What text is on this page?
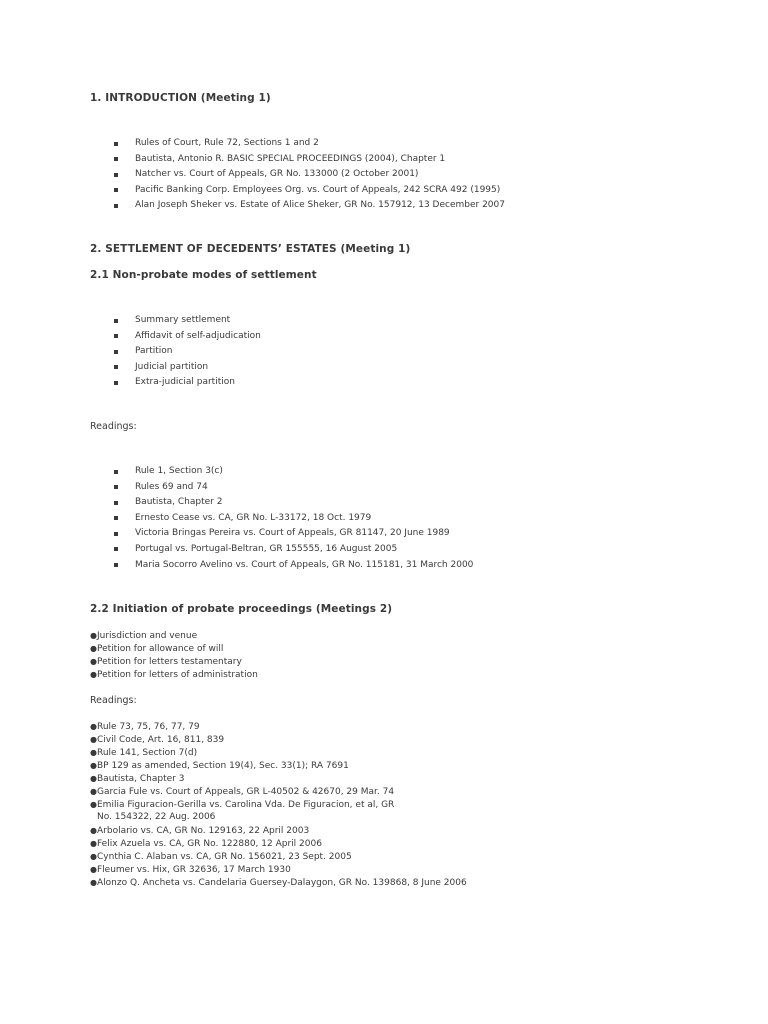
1. INTRODUCTION (Meeting 1)
Rules of Court, Rule 72, Sections 1 and 2
Bautista, Antonio R. BASIC SPECIAL PROCEEDINGS (2004), Chapter 1
Natcher vs. Court of Appeals, GR No. 133000 (2 October 2001)
Pacific Banking Corp. Employees Org. vs. Court of Appeals, 242 SCRA 492 (1995)
Alan Joseph Sheker vs. Estate of Alice Sheker, GR No. 157912, 13 December 2007
2. SETTLEMENT OF DECEDENTS’ ESTATES (Meeting 1)
2.1 Non-probate modes of settlement
Summary settlement
Affidavit of self-adjudication
Partition
Judicial partition
Extra-judicial partition
Readings:
Rule 1, Section 3(c)
Rules 69 and 74
Bautista, Chapter 2
Ernesto Cease vs. CA, GR No. L-33172, 18 Oct. 1979
Victoria Bringas Pereira vs. Court of Appeals, GR 81147, 20 June 1989
Portugal vs. Portugal-Beltran, GR 155555, 16 August 2005
Maria Socorro Avelino vs. Court of Appeals, GR No. 115181, 31 March 2000
2.2 Initiation of probate proceedings (Meetings 2)
●Jurisdiction and venue
●Petition for allowance of will
●Petition for letters testamentary
●Petition for letters of administration
Readings:
●Rule 73, 75, 76, 77, 79
●Civil Code, Art. 16, 811, 839
●Rule 141, Section 7(d)
●BP 129 as amended, Section 19(4), Sec. 33(1); RA 7691
●Bautista, Chapter 3
●Garcia Fule vs. Court of Appeals, GR L-40502 & 42670, 29 Mar. 74
●Emilia Figuracion-Gerilla vs. Carolina Vda. De Figuracion, et al, GR
No. 154322, 22 Aug. 2006
●Arbolario vs. CA, GR No. 129163, 22 April 2003
●Felix Azuela vs. CA, GR No. 122880, 12 April 2006
●Cynthia C. Alaban vs. CA, GR No. 156021, 23 Sept. 2005
●Fleumer vs. Hix, GR 32636, 17 March 1930
●Alonzo Q. Ancheta vs. Candelaria Guersey-Dalaygon, GR No. 139868, 8 June 2006
